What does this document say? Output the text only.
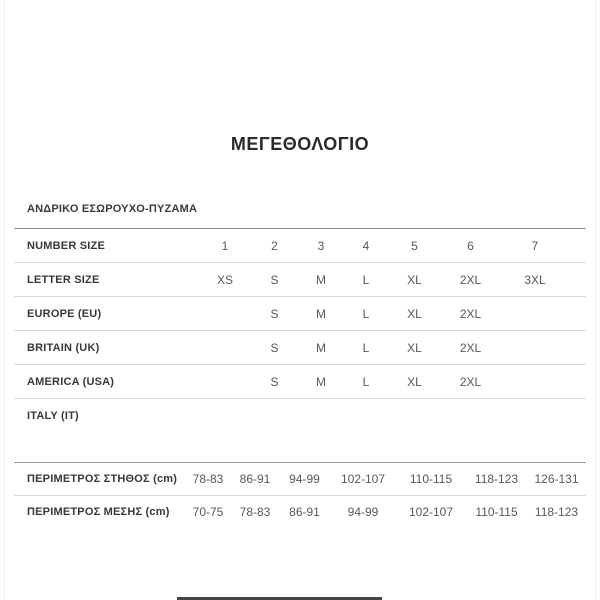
ΜΕΓΕΘΟΛΟΓΙΟ
ΑΝΔΡΙΚΟ ΕΣΩΡΟΥΧΟ-ΠΥΖΑΜΑ
NUMBER SIZE	1	2	3	4	5	6	7
LETTER SIZE	XS	S	M	L	XL	2XL	3XL
EUROPE (EU)		S	M	L	XL	2XL	
BRITAIN (UK)		S	M	L	XL	2XL	
AMERICA (USA)		S	M	L	XL	2XL	
ITALY (IT)							
ΠΕΡΙΜΕΤΡΟΣ ΣΤΗΘΟΣ (cm)	78-83	86-91	94-99	102-107	110-115	118-123	126-131
ΠΕΡΙΜΕΤΡΟΣ ΜΕΣΗΣ (cm)	70-75	78-83	86-91	94-99	102-107	110-115	118-123
